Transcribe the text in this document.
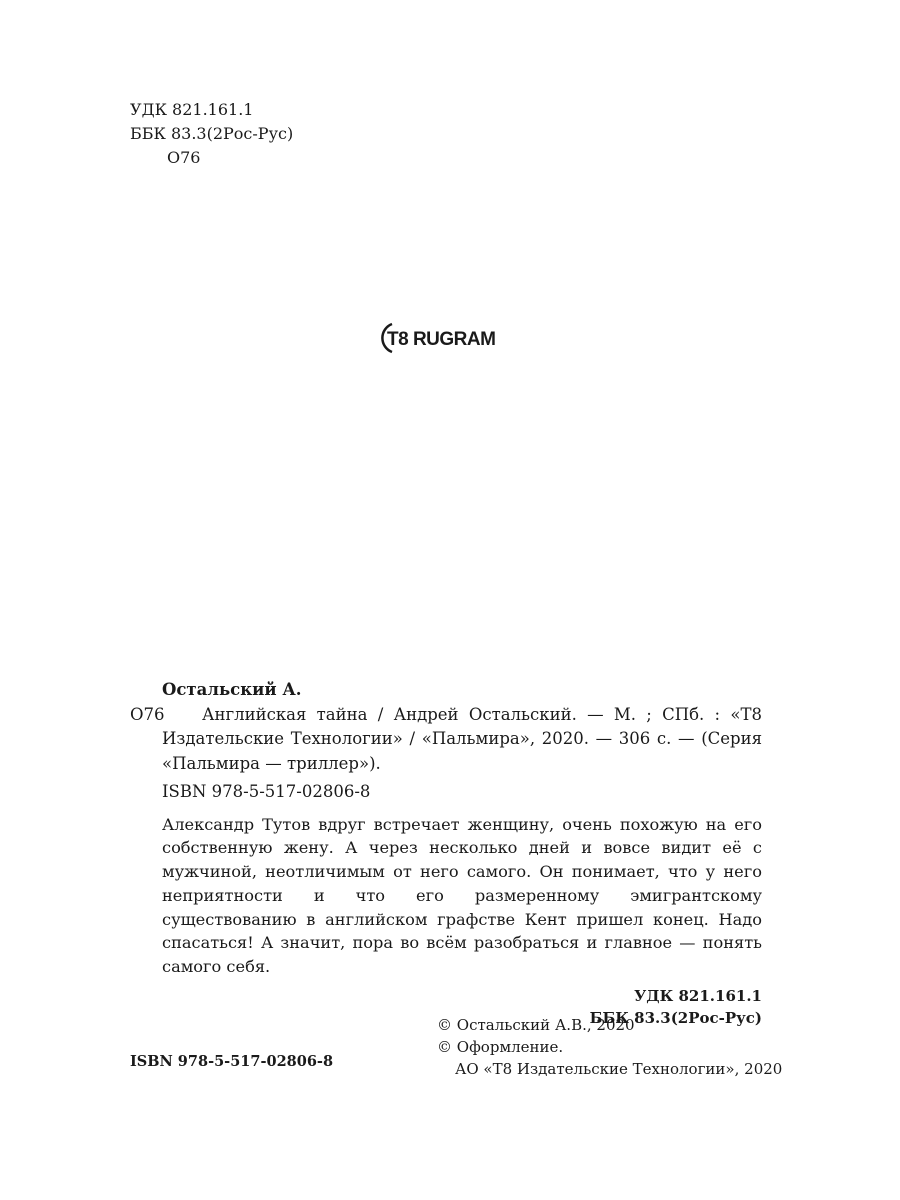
УДК 821.161.1
ББК 83.3(2Рос-Рус)
О76
T8 RUGRAM
Остальский А.
О76	Английская тайна / Андрей Остальский. — М. ; СПб. : «Т8 Издательские Технологии» / «Пальмира», 2020. — 306 с. — (Серия «Пальмира — триллер»).
ISBN 978-5-517-02806-8
Александр Тутов вдруг встречает женщину, очень похожую на его собственную жену. А через несколько дней и вовсе видит её с мужчиной, неотличимым от него самого. Он понимает, что у него неприятности и что его размеренному эмигрантскому существованию в английском графстве Кент пришел конец. Надо спасаться! А значит, пора во всём разобраться и главное — понять самого себя.
УДК 821.161.1
ББК 83.3(2Рос-Рус)
© Остальский А.В., 2020
© Оформление.
АО «Т8 Издательские Технологии», 2020
ISBN 978-5-517-02806-8
